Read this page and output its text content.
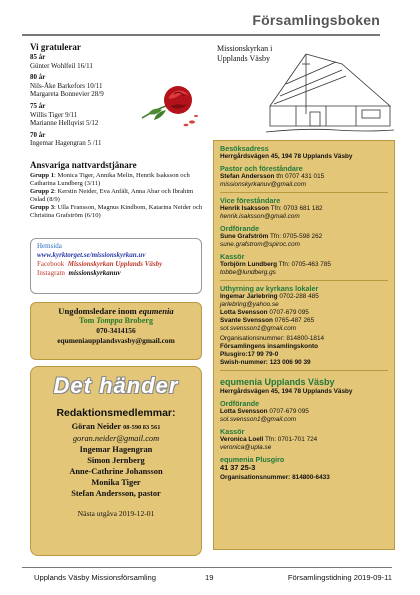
Församlingsboken
Vi gratulerar
85 år
Günter Wohlfeil 16/11
80 år
Nils-Åke Barkefors 10/11
Margareta Bonnevier 28/9
75 år
Willis Tiger 9/11
Marianne Hellqvist 5/12
70 år
Ingemar Hagengran 5 /11
Ansvariga nattvardstjänare
Grupp 1: Monica Tiger, Annika Melin, Henrik Isaksson och Catharina Lundberg (3/11)
Grupp 2: Kerstin Neider, Eva Anfält, Anna Abar och Ibrahim Oslad (8/9)
Grupp 3: Ulla Fransson, Magnus Kindbom, Katarina Neider och Christina Grafström (6/10)
Hemsida
www.kyrktorget.se/missionskyrkan.uv
Facebook Missionskyrkan Upplands Väsby
Instagram missionskyrkanuv
Ungdomsledare inom equmenia
Tom Tomppa Broberg
070-3414156
equmeniaupplandsvasby@gmail.com
Det händer
Redaktionsmedlemmar:
Göran Neider 08-590 83 561
goran.neider@gmail.com
Ingemar Hagengran
Simon Jernberg
Anne-Cathrine Johansson
Monika Tiger
Stefan Andersson, pastor
Nästa utgåva 2019-12-01
Missionskyrkan i Upplands Väsby
Besöksadress
Herrgårdsvägen 45, 194 78 Upplands Väsby
Pastor och föreståndare
Stefan Andersson tfn 0707 431 015
missionskyrkanuv@gmail.com
Vice föreståndare
Henrik Isaksson Tfn: 0703 681 182
henrik.isaksson@gmail.com
Ordförande
Sune Grafström Tfn: 0705-598 262
sune.grafstrom@spiroc.com
Kassör
Torbjörn Lundberg Tfn: 0705-463 785
tobbe@lundberg.gs
Uthyrning av kyrkans lokaler
Ingemar Jarlebring 0702-288 485
jarlebring@yahoo.se
Lotta Svensson 0707-679 095
Svante Svensson 0765-487 265
sol.svensson1@gmail.com
Organisationsnummer: 814800-1814
Församlingens insamlingskonto
Plusgiro:17 99 79-0
Swish-nummer: 123 006 90 39
equmenia Upplands Väsby
Herrgårdsvägen 45, 194 78 Upplands Väsby
Ordförande
Lotta Svensson 0707-679 095
sol.svensson1@gmail.com
Kassör
Veronica Loell Tfn: 0701-701 724
veronica@upla.se
equmenia Plusgiro
41 37 25-3
Organisationsnummer: 814800-6433
Upplands Väsby Missionsförsamling	19	Församlingstidning 2019-09-11
